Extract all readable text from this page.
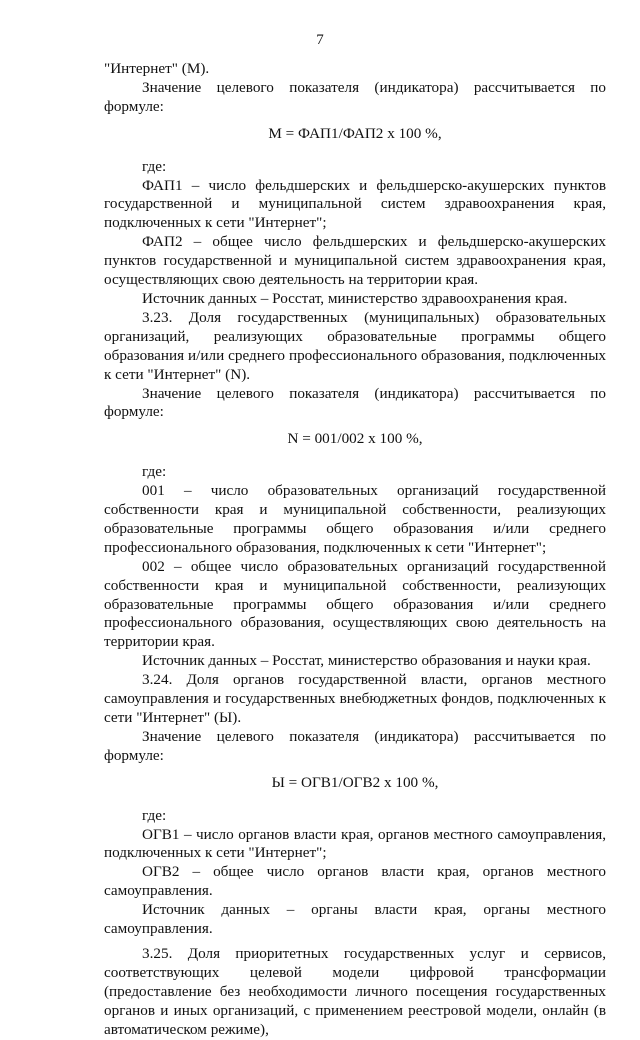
7

"Интернет" (М).

Значение целевого показателя (индикатора) рассчитывается по формуле:

М = ФАП1/ФАП2 х 100 %,

где:

ФАП1 – число фельдшерских и фельдшерско-акушерских пунктов государственной и муниципальной систем здравоохранения края, подключенных к сети "Интернет";

ФАП2 – общее число фельдшерских и фельдшерско-акушерских пунктов государственной и муниципальной систем здравоохранения края, осуществляющих свою деятельность на территории края.

Источник данных – Росстат, министерство здравоохранения края.

3.23. Доля государственных (муниципальных) образовательных организаций, реализующих образовательные программы общего образования и/или среднего профессионального образования, подключенных к сети "Интернет" (N).

Значение целевого показателя (индикатора) рассчитывается по формуле:

N = 001/002 х 100 %,

где:

001 – число образовательных организаций государственной собственности края и муниципальной собственности, реализующих образовательные программы общего образования и/или среднего профессионального образования, подключенных к сети "Интернет";

002 – общее число образовательных организаций государственной собственности края и муниципальной собственности, реализующих образовательные программы общего образования и/или среднего профессионального образования, осуществляющих свою деятельность на территории края.

Источник данных – Росстат, министерство образования и науки края.

3.24. Доля органов государственной власти, органов местного самоуправления и государственных внебюджетных фондов, подключенных к сети "Интернет" (Ы).

Значение целевого показателя (индикатора) рассчитывается по формуле:

Ы = ОГВ1/ОГВ2 х 100 %,

где:

ОГВ1 – число органов власти края, органов местного самоуправления, подключенных к сети "Интернет";

ОГВ2 – общее число органов власти края, органов местного самоуправления.

Источник данных – органы власти края, органы местного самоуправления.

3.25. Доля приоритетных государственных услуг и сервисов, соответствующих целевой модели цифровой трансформации (предоставление без необходимости личного посещения государственных органов и иных организаций, с применением реестровой модели, онлайн (в автоматическом режиме),
